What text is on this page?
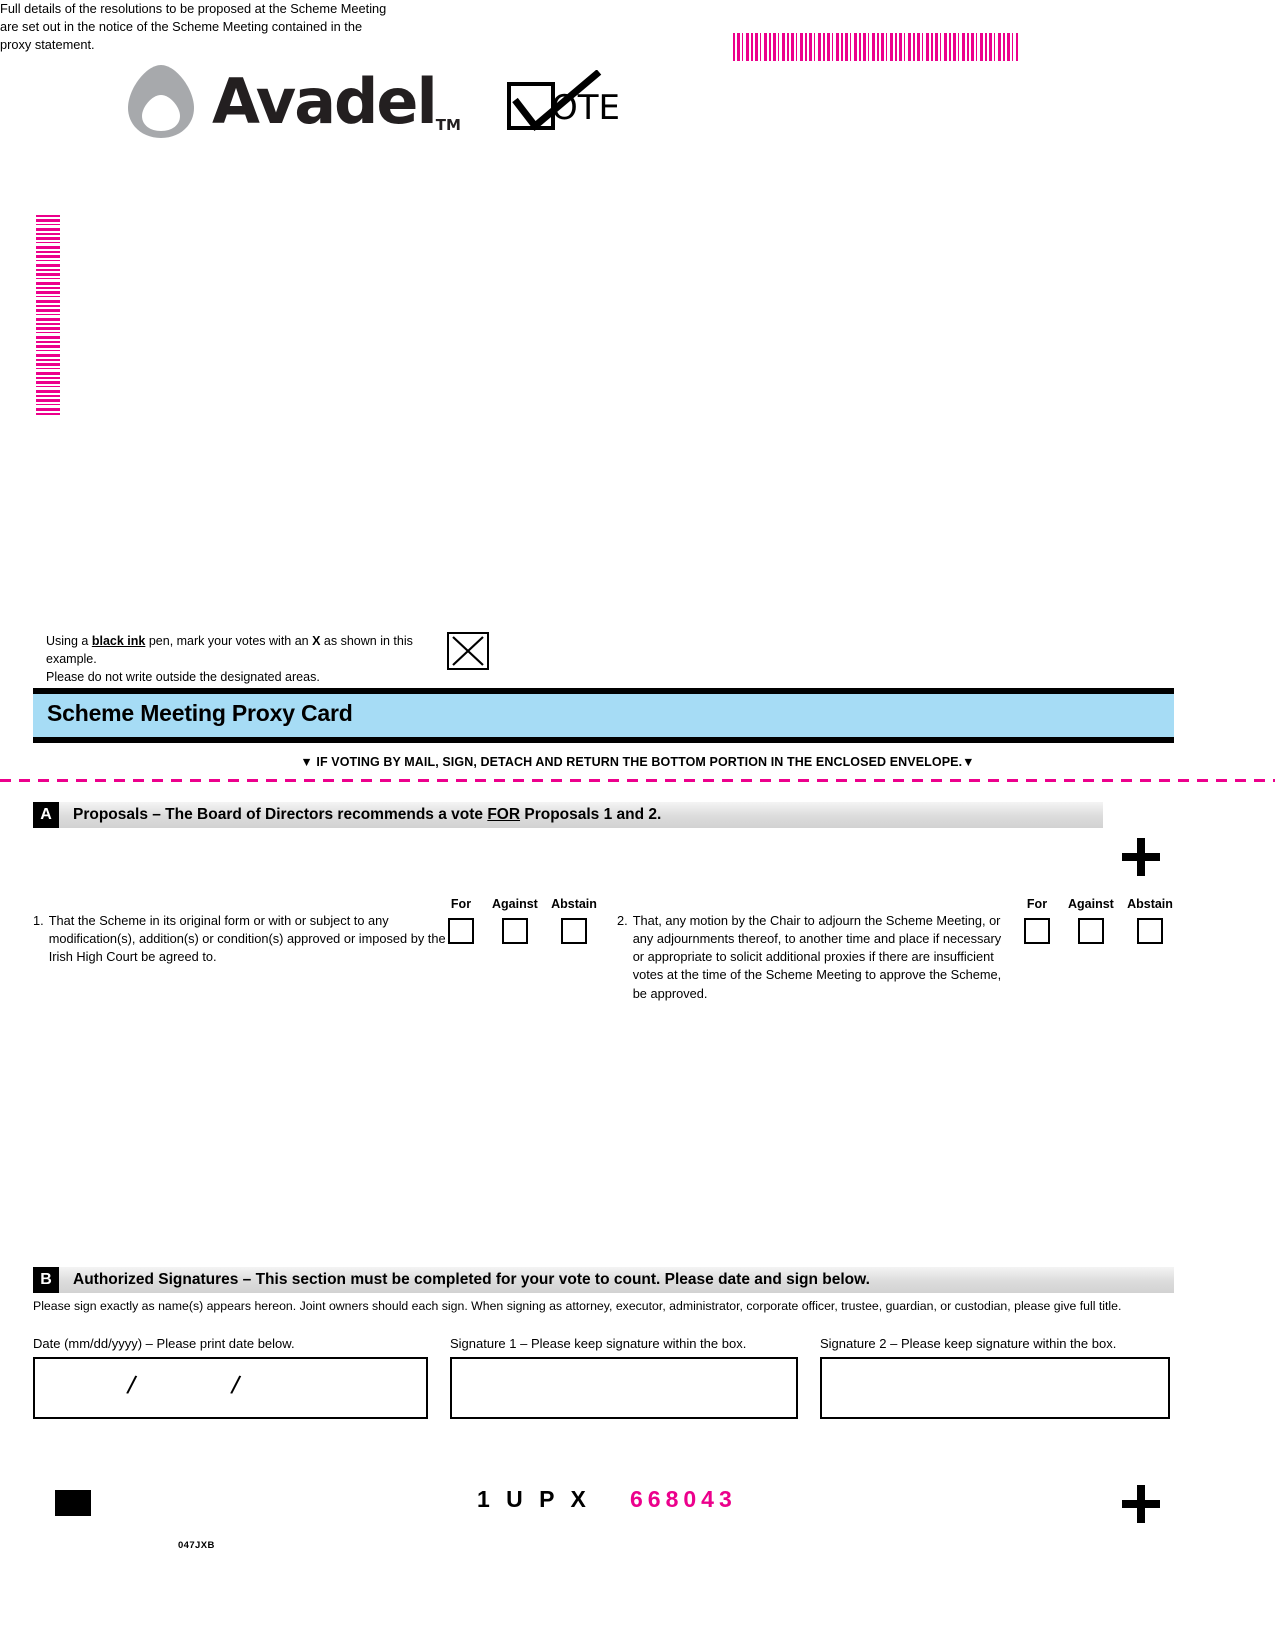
AvadelTM	OTE
Using a black ink pen, mark your votes with an X as shown in this example.
Please do not write outside the designated areas.
Scheme Meeting Proxy Card
▼ IF VOTING BY MAIL, SIGN, DETACH AND RETURN THE BOTTOM PORTION IN THE ENCLOSED ENVELOPE.▼
A	Proposals – The Board of Directors recommends a vote FOR Proposals 1 and 2.
1. That the Scheme in its original form or with or subject to any modification(s), addition(s) or condition(s) approved or imposed by the Irish High Court be agreed to.
For	Against Abstain
2. That, any motion by the Chair to adjourn the Scheme Meeting, or any adjournments thereof, to another time and place if necessary or appropriate to solicit additional proxies if there are insufficient votes at the time of the Scheme Meeting to approve the Scheme, be approved.
Full details of the resolutions to be proposed at the Scheme Meeting are set out in the notice of the Scheme Meeting contained in the proxy statement.
For	Against Abstain
B	Authorized Signatures – This section must be completed for your vote to count. Please date and sign below.
Please sign exactly as name(s) appears hereon. Joint owners should each sign. When signing as attorney, executor, administrator, corporate officer, trustee, guardian, or custodian, please give full title.
Date (mm/dd/yyyy) – Please print date below.	Signature 1 – Please keep signature within the box.	Signature 2 – Please keep signature within the box.
/	/
047JXB
1 U P X 668043
